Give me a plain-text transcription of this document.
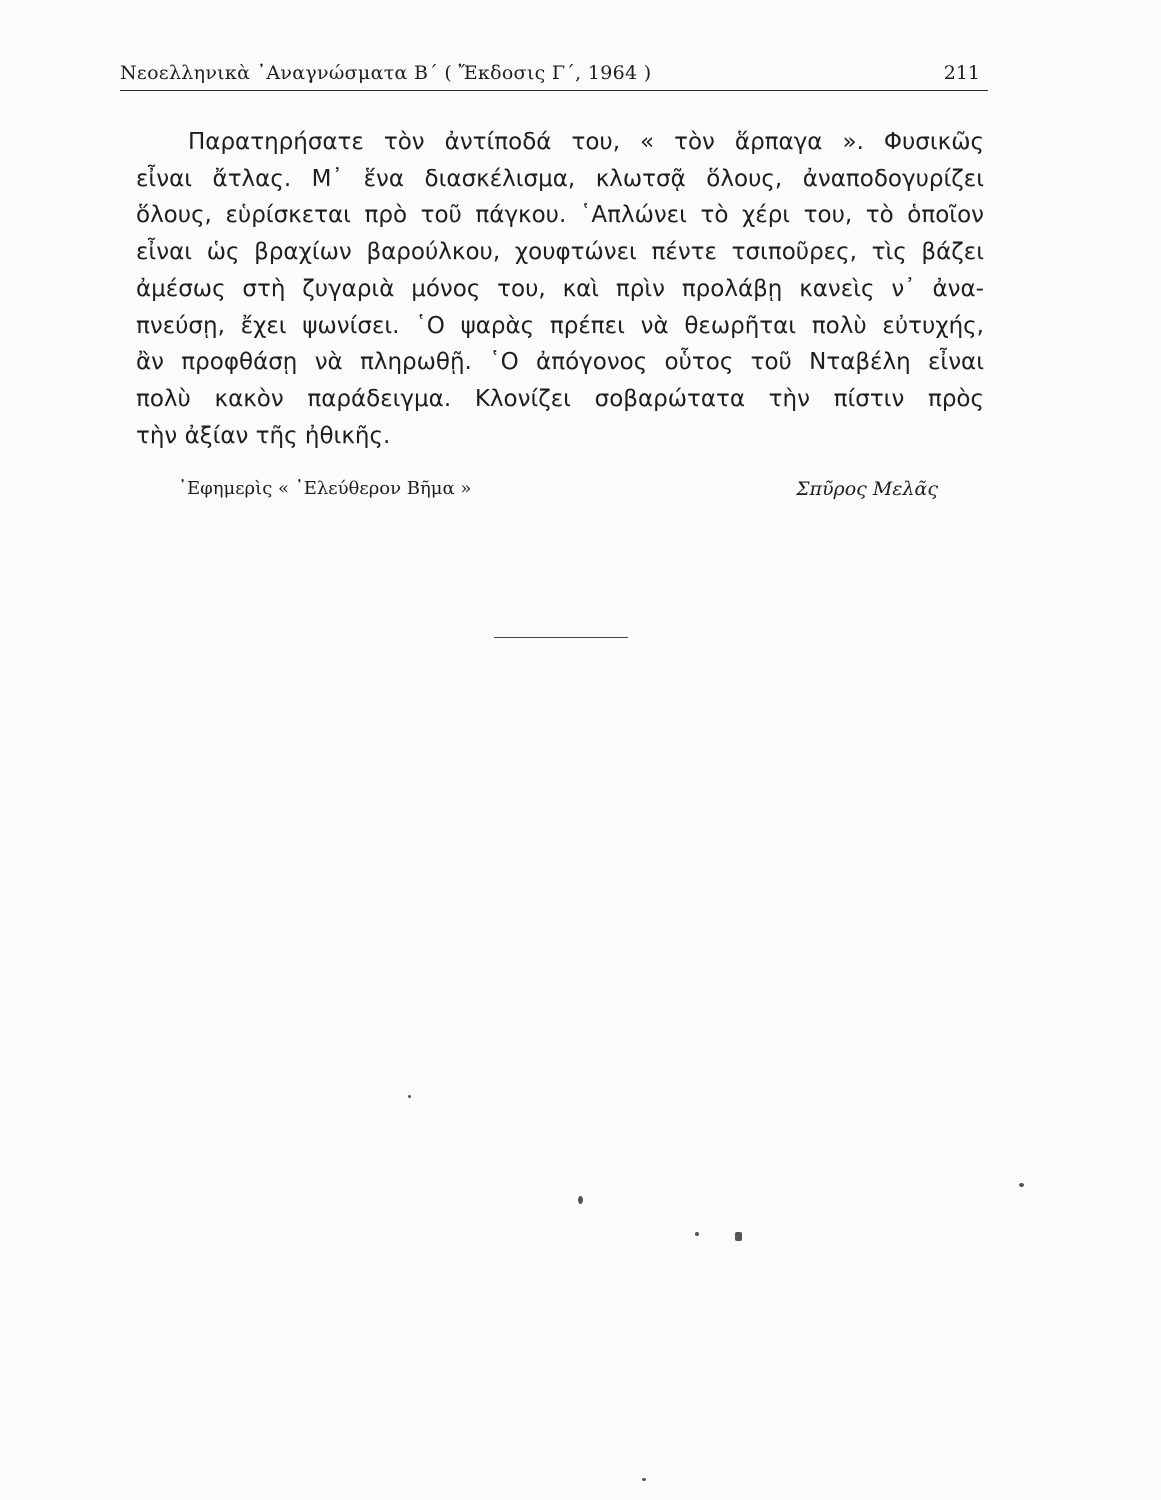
Νεοελληνικὰ ᾿Αναγνώσματα Β΄ ( Ἔκδοσις Γ΄, 1964 )	211
Παρατηρήσατε τὸν ἀντίποδά του, « τὸν ἅρπαγα ». Φυσικῶς
εἶναι ἄτλας. Μ᾿ ἕνα διασκέλισμα, κλωτσᾷ ὅλους, ἀναποδογυρίζει
ὅλους, εὑρίσκεται πρὸ τοῦ πάγκου. ῾Απλώνει τὸ χέρι του, τὸ ὁποῖον
εἶναι ὡς βραχίων βαρούλκου, χουφτώνει πέντε τσιποῦρες, τὶς βάζει
ἀμέσως στὴ ζυγαριὰ μόνος του, καὶ πρὶν προλάβῃ κανεὶς ν᾿ ἀνα-
πνεύσῃ, ἔχει ψωνίσει. ῾Ο ψαρὰς πρέπει νὰ θεωρῆται πολὺ εὐτυχής,
ἂν προφθάσῃ νὰ πληρωθῇ. ῾Ο ἀπόγονος οὗτος τοῦ Νταβέλη εἶναι
πολὺ κακὸν παράδειγμα. Κλονίζει σοβαρώτατα τὴν πίστιν πρὸς
τὴν ἀξίαν τῆς ἠθικῆς.
᾿Εφημερὶς « ᾿Ελεύθερον Βῆμα »	Σπῦρος Μελᾶς
